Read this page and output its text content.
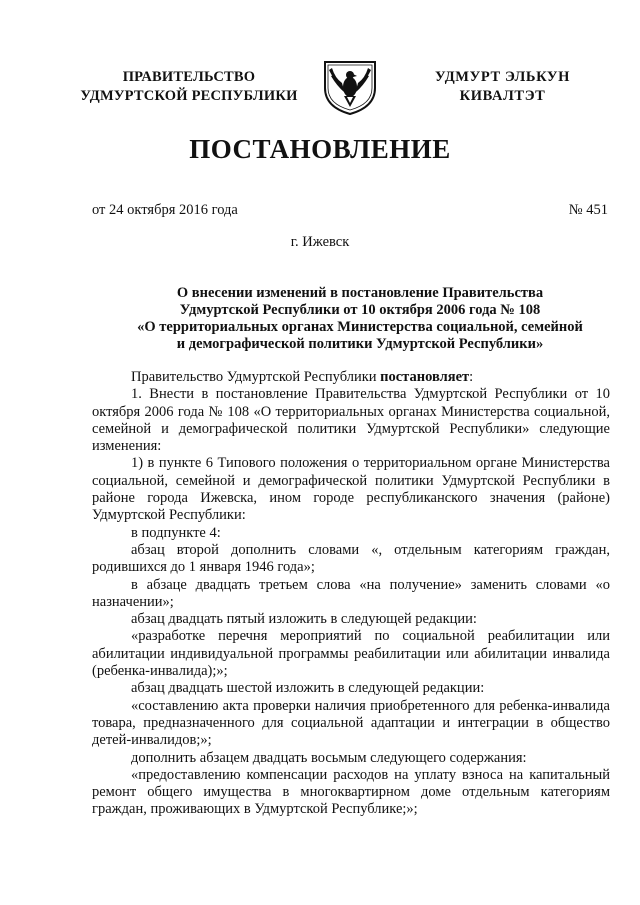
ПРАВИТЕЛЬСТВО
УДМУРТСКОЙ РЕСПУБЛИКИ
УДМУРТ ЭЛЬКУН
КИВАЛТЭТ
ПОСТАНОВЛЕНИЕ
от 24 октября 2016 года	№ 451
г. Ижевск
О внесении изменений в постановление Правительства
Удмуртской Республики от 10 октября 2006 года № 108
«О территориальных органах Министерства социальной, семейной
и демографической политики Удмуртской Республики»

Правительство Удмуртской Республики постановляет:

1. Внести в постановление Правительства Удмуртской Республики от 10 октября 2006 года № 108 «О территориальных органах Министерства социальной, семейной и демографической политики Удмуртской Республики» следующие изменения:

1) в пункте 6 Типового положения о территориальном органе Министерства социальной, семейной и демографической политики Удмуртской Республики в районе города Ижевска, ином городе республиканского значения (районе) Удмуртской Республики:

в подпункте 4:

абзац второй дополнить словами «, отдельным категориям граждан, родившихся до 1 января 1946 года»;

в абзаце двадцать третьем слова «на получение» заменить словами «о назначении»;

абзац двадцать пятый изложить в следующей редакции:

«разработке перечня мероприятий по социальной реабилитации или абилитации индивидуальной программы реабилитации или абилитации инвалида (ребенка-инвалида);»;

абзац двадцать шестой изложить в следующей редакции:

«составлению акта проверки наличия приобретенного для ребенка-инвалида товара, предназначенного для социальной адаптации и интеграции в общество детей-инвалидов;»;

дополнить абзацем двадцать восьмым следующего содержания:

«предоставлению компенсации расходов на уплату взноса на капитальный ремонт общего имущества в многоквартирном доме отдельным категориям граждан, проживающих в Удмуртской Республике;»;
